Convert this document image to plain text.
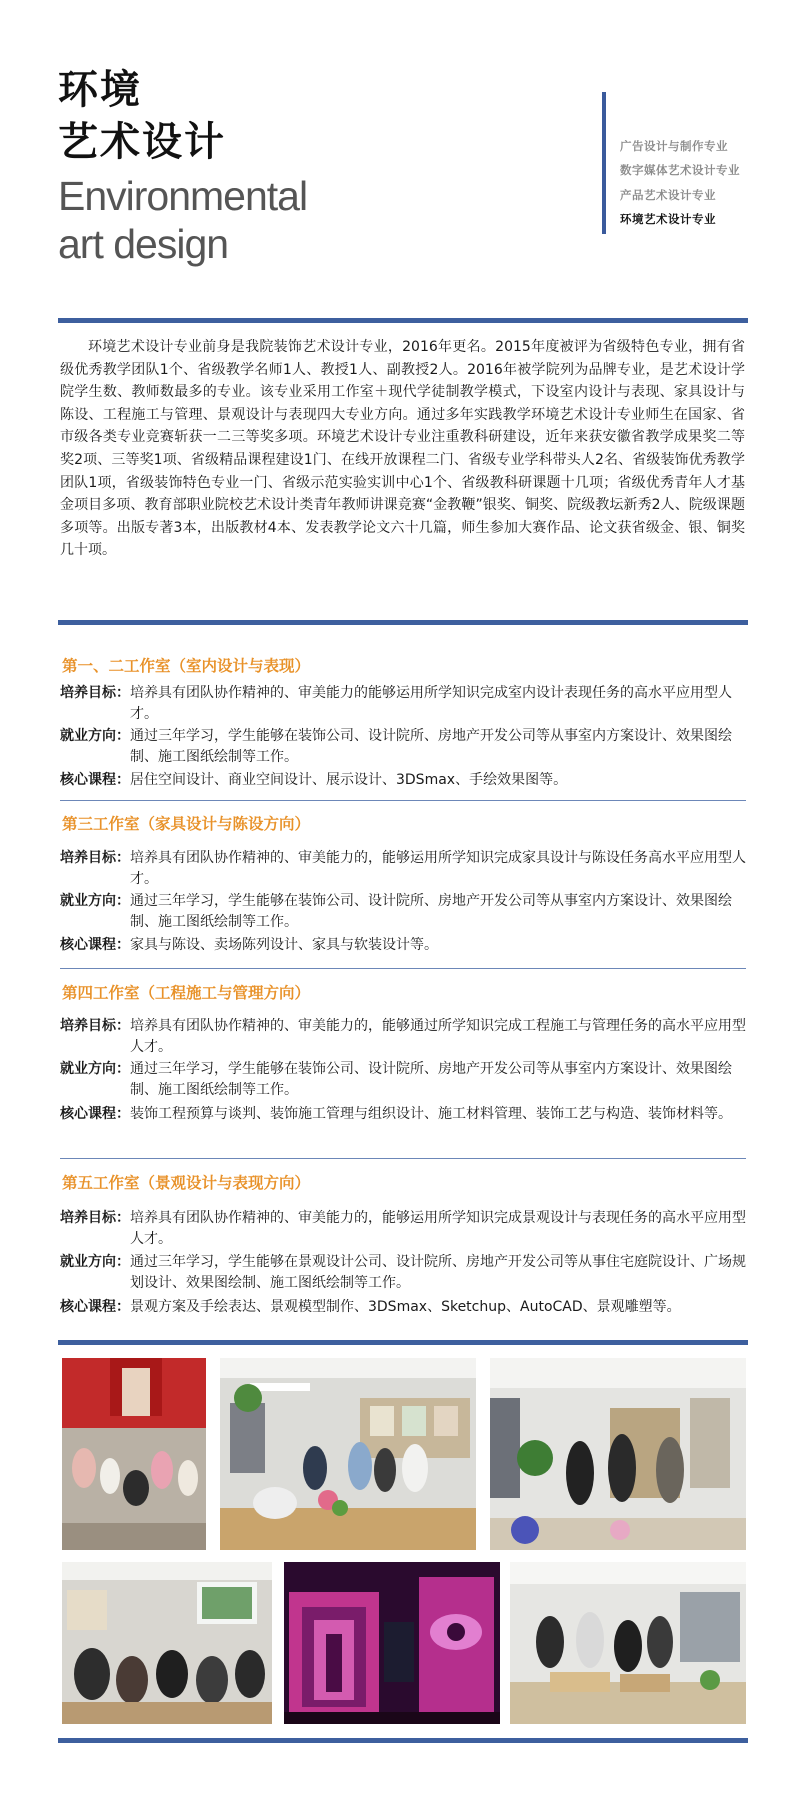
环境
艺术设计
Environmental
art design
广告设计与制作专业
数字媒体艺术设计专业
产品艺术设计专业
环境艺术设计专业

环境艺术设计专业前身是我院装饰艺术设计专业，2016年更名。2015年度被评为省级特色专业，拥有省级优秀教学团队1个、省级教学名师1人、教授1人、副教授2人。2016年被学院列为品牌专业，是艺术设计学院学生数、教师数最多的专业。该专业采用工作室＋现代学徒制教学模式，下设室内设计与表现、家具设计与陈设、工程施工与管理、景观设计与表现四大专业方向。通过多年实践教学环境艺术设计专业师生在国家、省市级各类专业竞赛斩获一二三等奖多项。环境艺术设计专业注重教科研建设，近年来获安徽省教学成果奖二等奖2项、三等奖1项、省级精品课程建设1门、在线开放课程二门、省级专业学科带头人2名、省级装饰优秀教学团队1项，省级装饰特色专业一门、省级示范实验实训中心1个、省级教科研课题十几项；省级优秀青年人才基金项目多项、教育部职业院校艺术设计类青年教师讲课竞赛“金教鞭”银奖、铜奖、院级教坛新秀2人、院级课题多项等。出版专著3本，出版教材4本、发表教学论文六十几篇，师生参加大赛作品、论文获省级金、银、铜奖几十项。

第一、二工作室（室内设计与表现）
培养目标： 培养具有团队协作精神的、审美能力的能够运用所学知识完成室内设计表现任务的高水平应用型人才。
就业方向： 通过三年学习，学生能够在装饰公司、设计院所、房地产开发公司等从事室内方案设计、效果图绘制、施工图纸绘制等工作。
核心课程： 居住空间设计、商业空间设计、展示设计、3DSmax、手绘效果图等。
第三工作室（家具设计与陈设方向）
培养目标： 培养具有团队协作精神的、审美能力的，能够运用所学知识完成家具设计与陈设任务高水平应用型人才。
就业方向： 通过三年学习，学生能够在装饰公司、设计院所、房地产开发公司等从事室内方案设计、效果图绘制、施工图纸绘制等工作。
核心课程： 家具与陈设、卖场陈列设计、家具与软装设计等。
第四工作室（工程施工与管理方向）
培养目标： 培养具有团队协作精神的、审美能力的，能够通过所学知识完成工程施工与管理任务的高水平应用型人才。
就业方向： 通过三年学习，学生能够在装饰公司、设计院所、房地产开发公司等从事室内方案设计、效果图绘制、施工图纸绘制等工作。
核心课程： 装饰工程预算与谈判、装饰施工管理与组织设计、施工材料管理、装饰工艺与构造、装饰材料等。
第五工作室（景观设计与表现方向）
培养目标： 培养具有团队协作精神的、审美能力的，能够运用所学知识完成景观设计与表现任务的高水平应用型人才。
就业方向： 通过三年学习，学生能够在景观设计公司、设计院所、房地产开发公司等从事住宅庭院设计、广场规划设计、效果图绘制、施工图纸绘制等工作。
核心课程： 景观方案及手绘表达、景观模型制作、3DSmax、Sketchup、AutoCAD、景观雕塑等。
